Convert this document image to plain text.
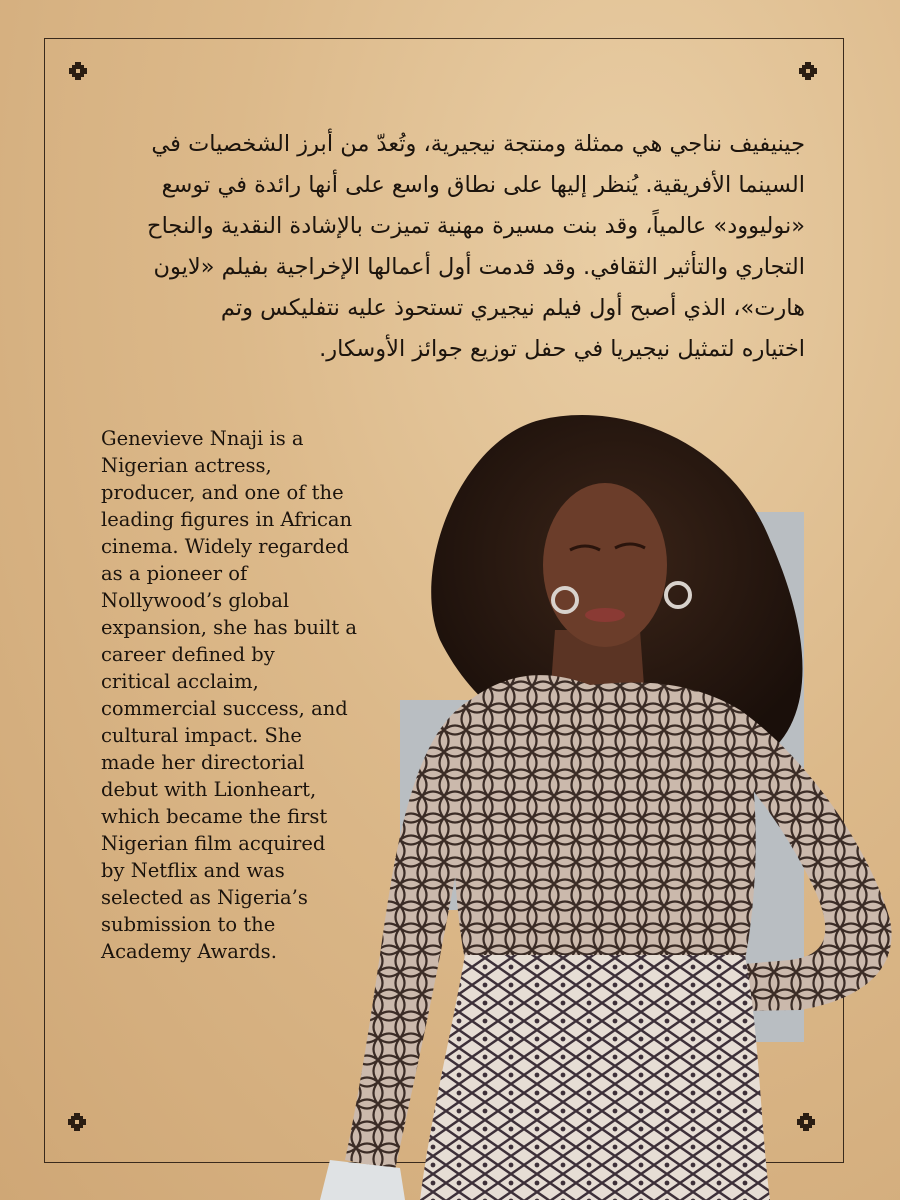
جينيفيف نناجي هي ممثلة ومنتجة نيجيرية، وتُعدّ من أبرز الشخصيات في
السينما الأفريقية. يُنظر إليها على نطاق واسع على أنها رائدة في توسع
«نوليوود» عالمياً، وقد بنت مسيرة مهنية تميزت بالإشادة النقدية والنجاح
التجاري والتأثير الثقافي. وقد قدمت أول أعمالها الإخراجية بفيلم «لايون
هارت»، الذي أصبح أول فيلم نيجيري تستحوذ عليه نتفليكس وتم
اختياره لتمثيل نيجيريا في حفل توزيع جوائز الأوسكار.
Genevieve Nnaji is a
Nigerian actress,
producer, and one of the
leading figures in African
cinema. Widely regarded
as a pioneer of
Nollywood’s global
expansion, she has built a
career defined by
critical acclaim,
commercial success, and
cultural impact. She
made her directorial
debut with Lionheart,
which became the first
Nigerian film acquired
by Netflix and was
selected as Nigeria’s
submission to the
Academy Awards.
